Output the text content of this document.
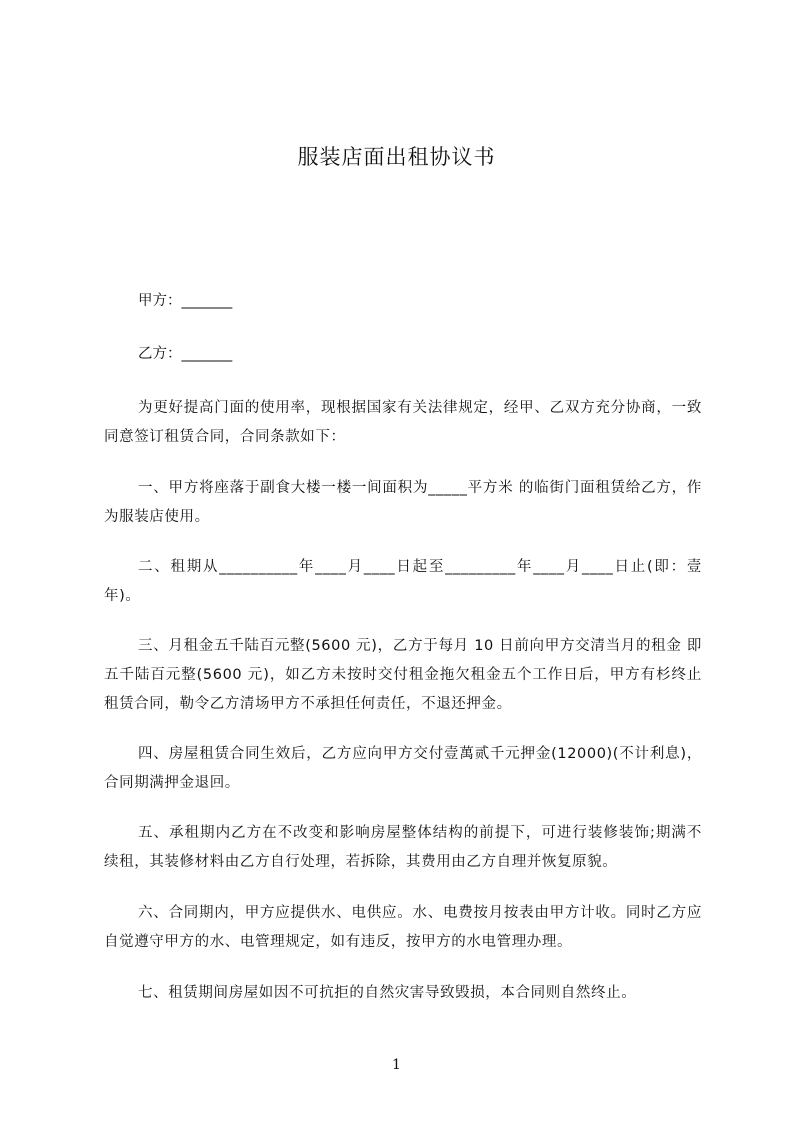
服装店面出租协议书

甲方：_______

乙方：_______

为更好提高门面的使用率，现根据国家有关法律规定，经甲、乙双方充分协商，一致同意签订租赁合同，合同条款如下：

一、甲方将座落于副食大楼一楼一间面积为_____平方米 的临街门面租赁给乙方，作为服装店使用。

二、租期从__________年____月____日起至_________年____月____日止(即：壹年)。

三、月租金五千陆百元整(5600 元)，乙方于每月 10 日前向甲方交清当月的租金 即五千陆百元整(5600 元)，如乙方未按时交付租金拖欠租金五个工作日后，甲方有杉终止租赁合同，勒令乙方清场甲方不承担任何责任，不退还押金。

四、房屋租赁合同生效后，乙方应向甲方交付壹萬贰千元押金(12000)(不计利息)，合同期满押金退回。

五、承租期内乙方在不改变和影响房屋整体结构的前提下，可进行装修装饰;期满不续租，其装修材料由乙方自行处理，若拆除，其费用由乙方自理并恢复原貌。

六、合同期内，甲方应提供水、电供应。水、电费按月按表由甲方计收。同时乙方应自觉遵守甲方的水、电管理规定，如有违反，按甲方的水电管理办理。

七、租赁期间房屋如因不可抗拒的自然灾害导致毁损，本合同则自然终止。

1
